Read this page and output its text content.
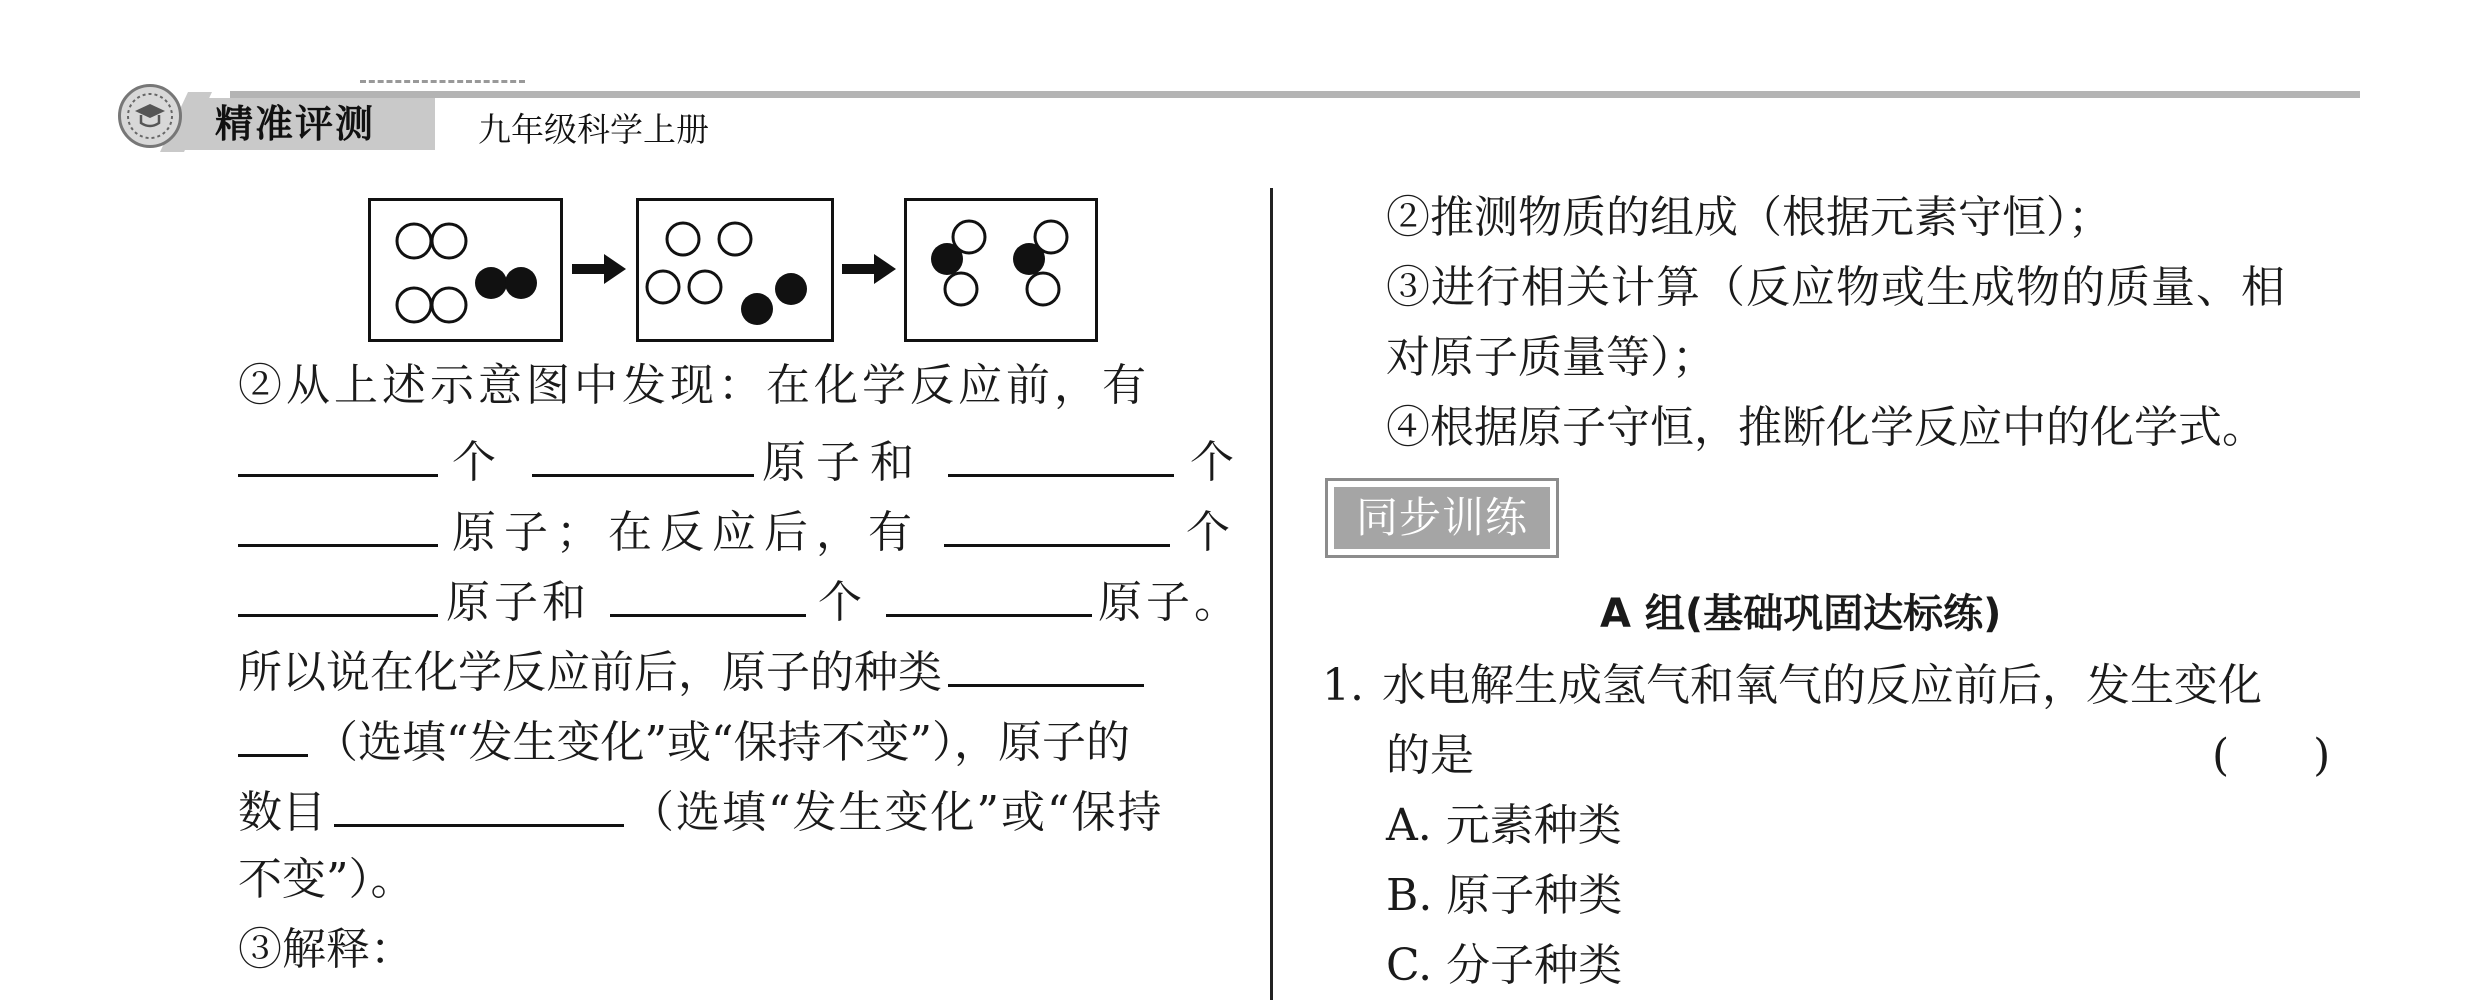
精准评测	九年级科学上册
②从上述示意图中发现：在化学反应前，有
个	原子和	个
原子；在反应后，有	个
原子和	个	原子。
所以说在化学反应前后，原子的种类
（选填“发生变化”或“保持不变”），原子的
数目	（选填“发生变化”或“保持
不变”）。
③解释：
②推测物质的组成（根据元素守恒）；
③进行相关计算（反应物或生成物的质量、相
对原子质量等）；
④根据原子守恒，推断化学反应中的化学式。
同步训练
A 组(基础巩固达标练)
1. 水电解生成氢气和氧气的反应前后，发生变化
的是	(      )
A. 元素种类
B. 原子种类
C. 分子种类
